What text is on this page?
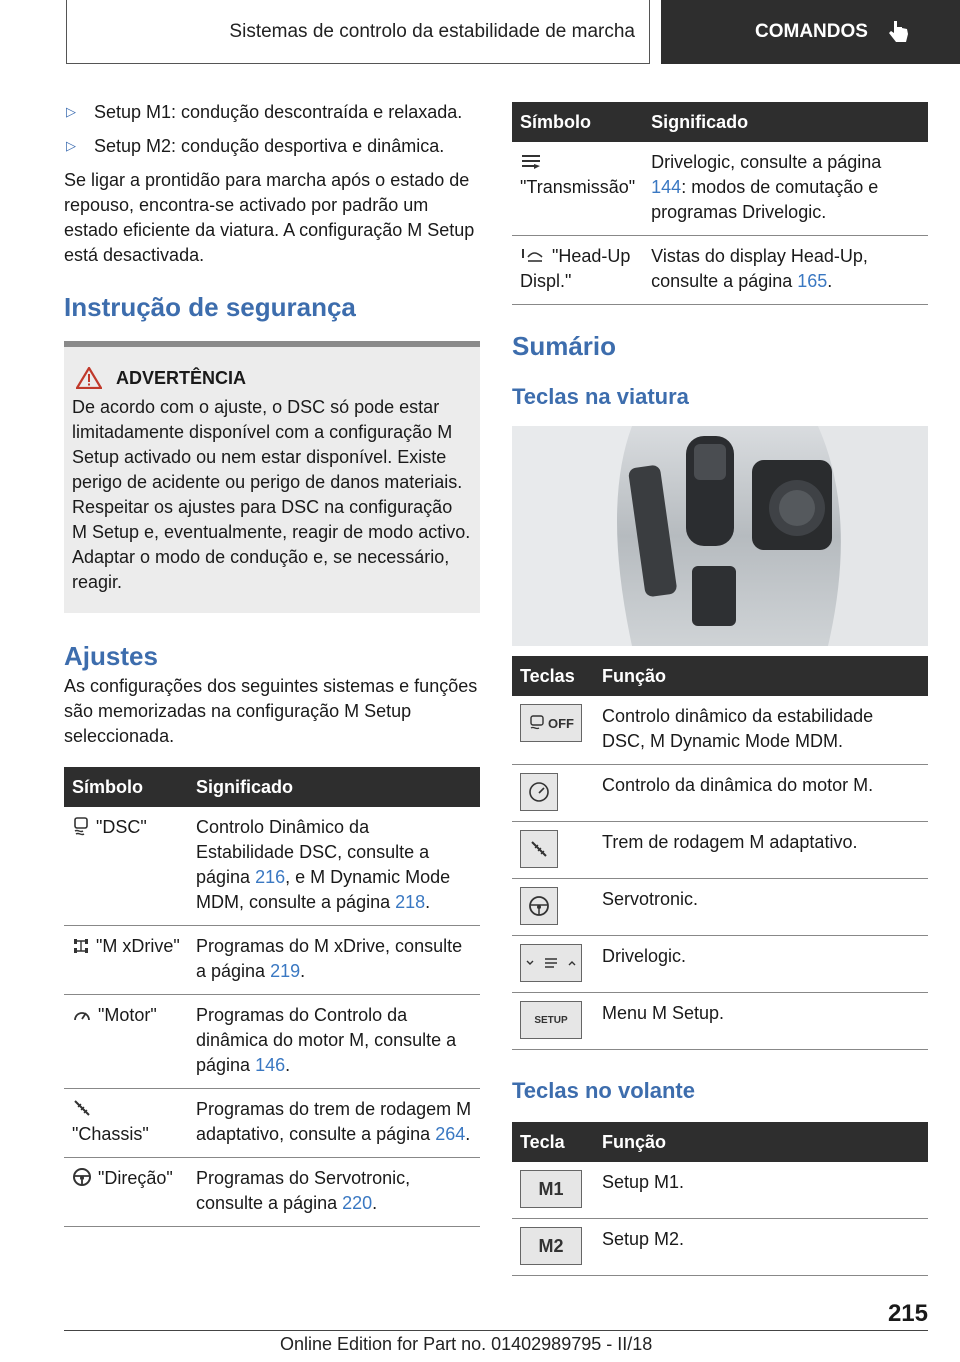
Sistemas de controlo da estabilidade de marcha	COMANDOS
▷	Setup M1: condução descontraída e relaxada.
▷	Setup M2: condução desportiva e dinâmica.

Se ligar a prontidão para marcha após o estado de repouso, encontra-se activado por padrão um estado eficiente da viatura. A configuração M Setup está desactivada.

Instrução de segurança
ADVERTÊNCIA

De acordo com o ajuste, o DSC só pode estar limitadamente disponível com a configuração M Setup activado ou nem estar disponível. Existe perigo de acidente ou perigo de danos materiais. Respeitar os ajustes para DSC na configuração M Setup e, eventualmente, reagir de modo activo. Adaptar o modo de condução e, se necessário, reagir.

Ajustes

As configurações dos seguintes sistemas e funções são memorizadas na configuração M Setup seleccionada.

Símbolo	Significado
"DSC"	Controlo Dinâmico da Estabilidade DSC, consulte a página 216, e M Dynamic Mode MDM, consulte a página 218.
"M xDrive"	Programas do M xDrive, consulte a página 219.
"Motor"	Programas do Controlo da dinâmica do motor M, consulte a página 146.

"Chassis"	Programas do trem de rodagem M adaptativo, consulte a página 264.
"Direção"	Programas do Servotronic, consulte a página 220.
Símbolo	Significado

"Transmissão"	Drivelogic, consulte a página 144: modos de comutação e programas Drivelogic.
"Head-Up Displ."	Vistas do display Head-Up, consulte a página 165.
Sumário
Teclas na viatura
Teclas	Função

OFF	Controlo dinâmico da estabilidade DSC, M Dynamic Mode MDM.

	Controlo da dinâmica do motor M.

	Trem de rodagem M adaptativo.

	Servotronic.

	Drivelogic.

SETUP	Menu M Setup.
Teclas no volante
Tecla	Função

M1	Setup M1.

M2	Setup M2.
215
Online Edition for Part no. 01402989795 - II/18
